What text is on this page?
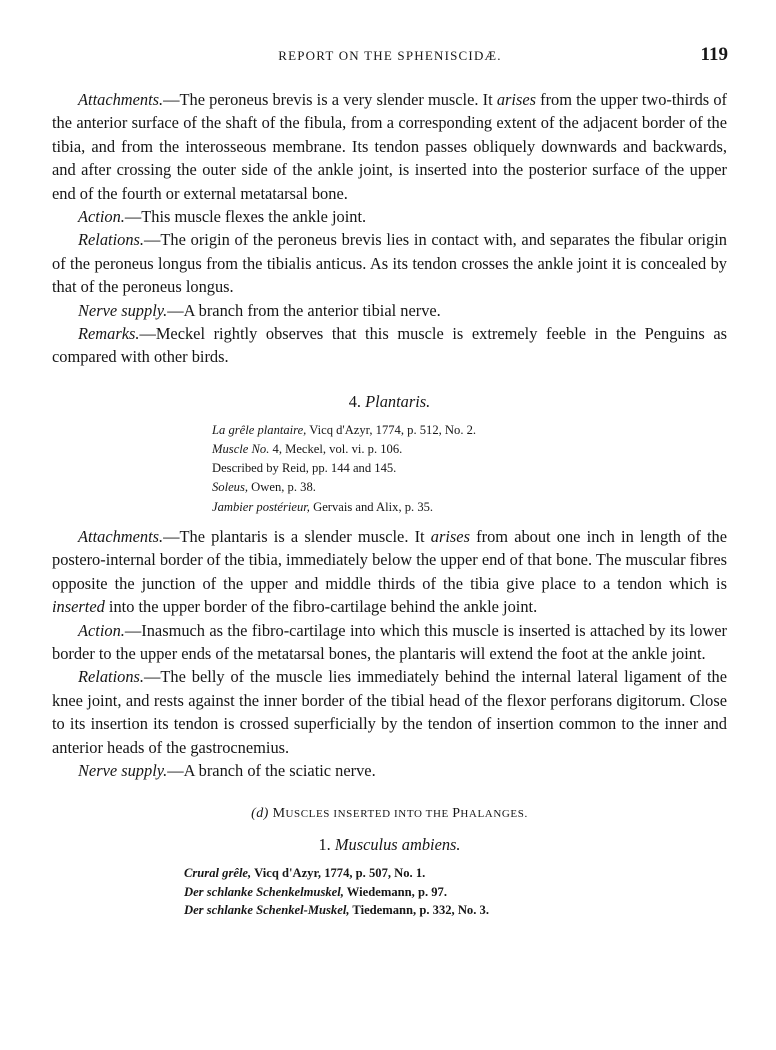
REPORT ON THE SPHENISCIDÆ.	119

Attachments.—The peroneus brevis is a very slender muscle. It arises from the upper two-thirds of the anterior surface of the shaft of the fibula, from a corresponding extent of the adjacent border of the tibia, and from the interosseous membrane. Its tendon passes obliquely downwards and backwards, and after crossing the outer side of the ankle joint, is inserted into the posterior surface of the upper end of the fourth or external metatarsal bone.

Action.—This muscle flexes the ankle joint.

Relations.—The origin of the peroneus brevis lies in contact with, and separates the fibular origin of the peroneus longus from the tibialis anticus. As its tendon crosses the ankle joint it is concealed by that of the peroneus longus.

Nerve supply.—A branch from the anterior tibial nerve.

Remarks.—Meckel rightly observes that this muscle is extremely feeble in the Penguins as compared with other birds.

4. Plantaris.
La grêle plantaire, Vicq d'Azyr, 1774, p. 512, No. 2.
Muscle No. 4, Meckel, vol. vi. p. 106.
Described by Reid, pp. 144 and 145.
Soleus, Owen, p. 38.
Jambier postérieur, Gervais and Alix, p. 35.

Attachments.—The plantaris is a slender muscle. It arises from about one inch in length of the postero-internal border of the tibia, immediately below the upper end of that bone. The muscular fibres opposite the junction of the upper and middle thirds of the tibia give place to a tendon which is inserted into the upper border of the fibro-cartilage behind the ankle joint.

Action.—Inasmuch as the fibro-cartilage into which this muscle is inserted is attached by its lower border to the upper ends of the metatarsal bones, the plantaris will extend the foot at the ankle joint.

Relations.—The belly of the muscle lies immediately behind the internal lateral ligament of the knee joint, and rests against the inner border of the tibial head of the flexor perforans digitorum. Close to its insertion its tendon is crossed superficially by the tendon of insertion common to the inner and anterior heads of the gastrocnemius.

Nerve supply.—A branch of the sciatic nerve.

(d) MUSCLES INSERTED INTO THE PHALANGES.
1. Musculus ambiens.
Crural grêle, Vicq d'Azyr, 1774, p. 507, No. 1.
Der schlanke Schenkelmuskel, Wiedemann, p. 97.
Der schlanke Schenkel-Muskel, Tiedemann, p. 332, No. 3.
